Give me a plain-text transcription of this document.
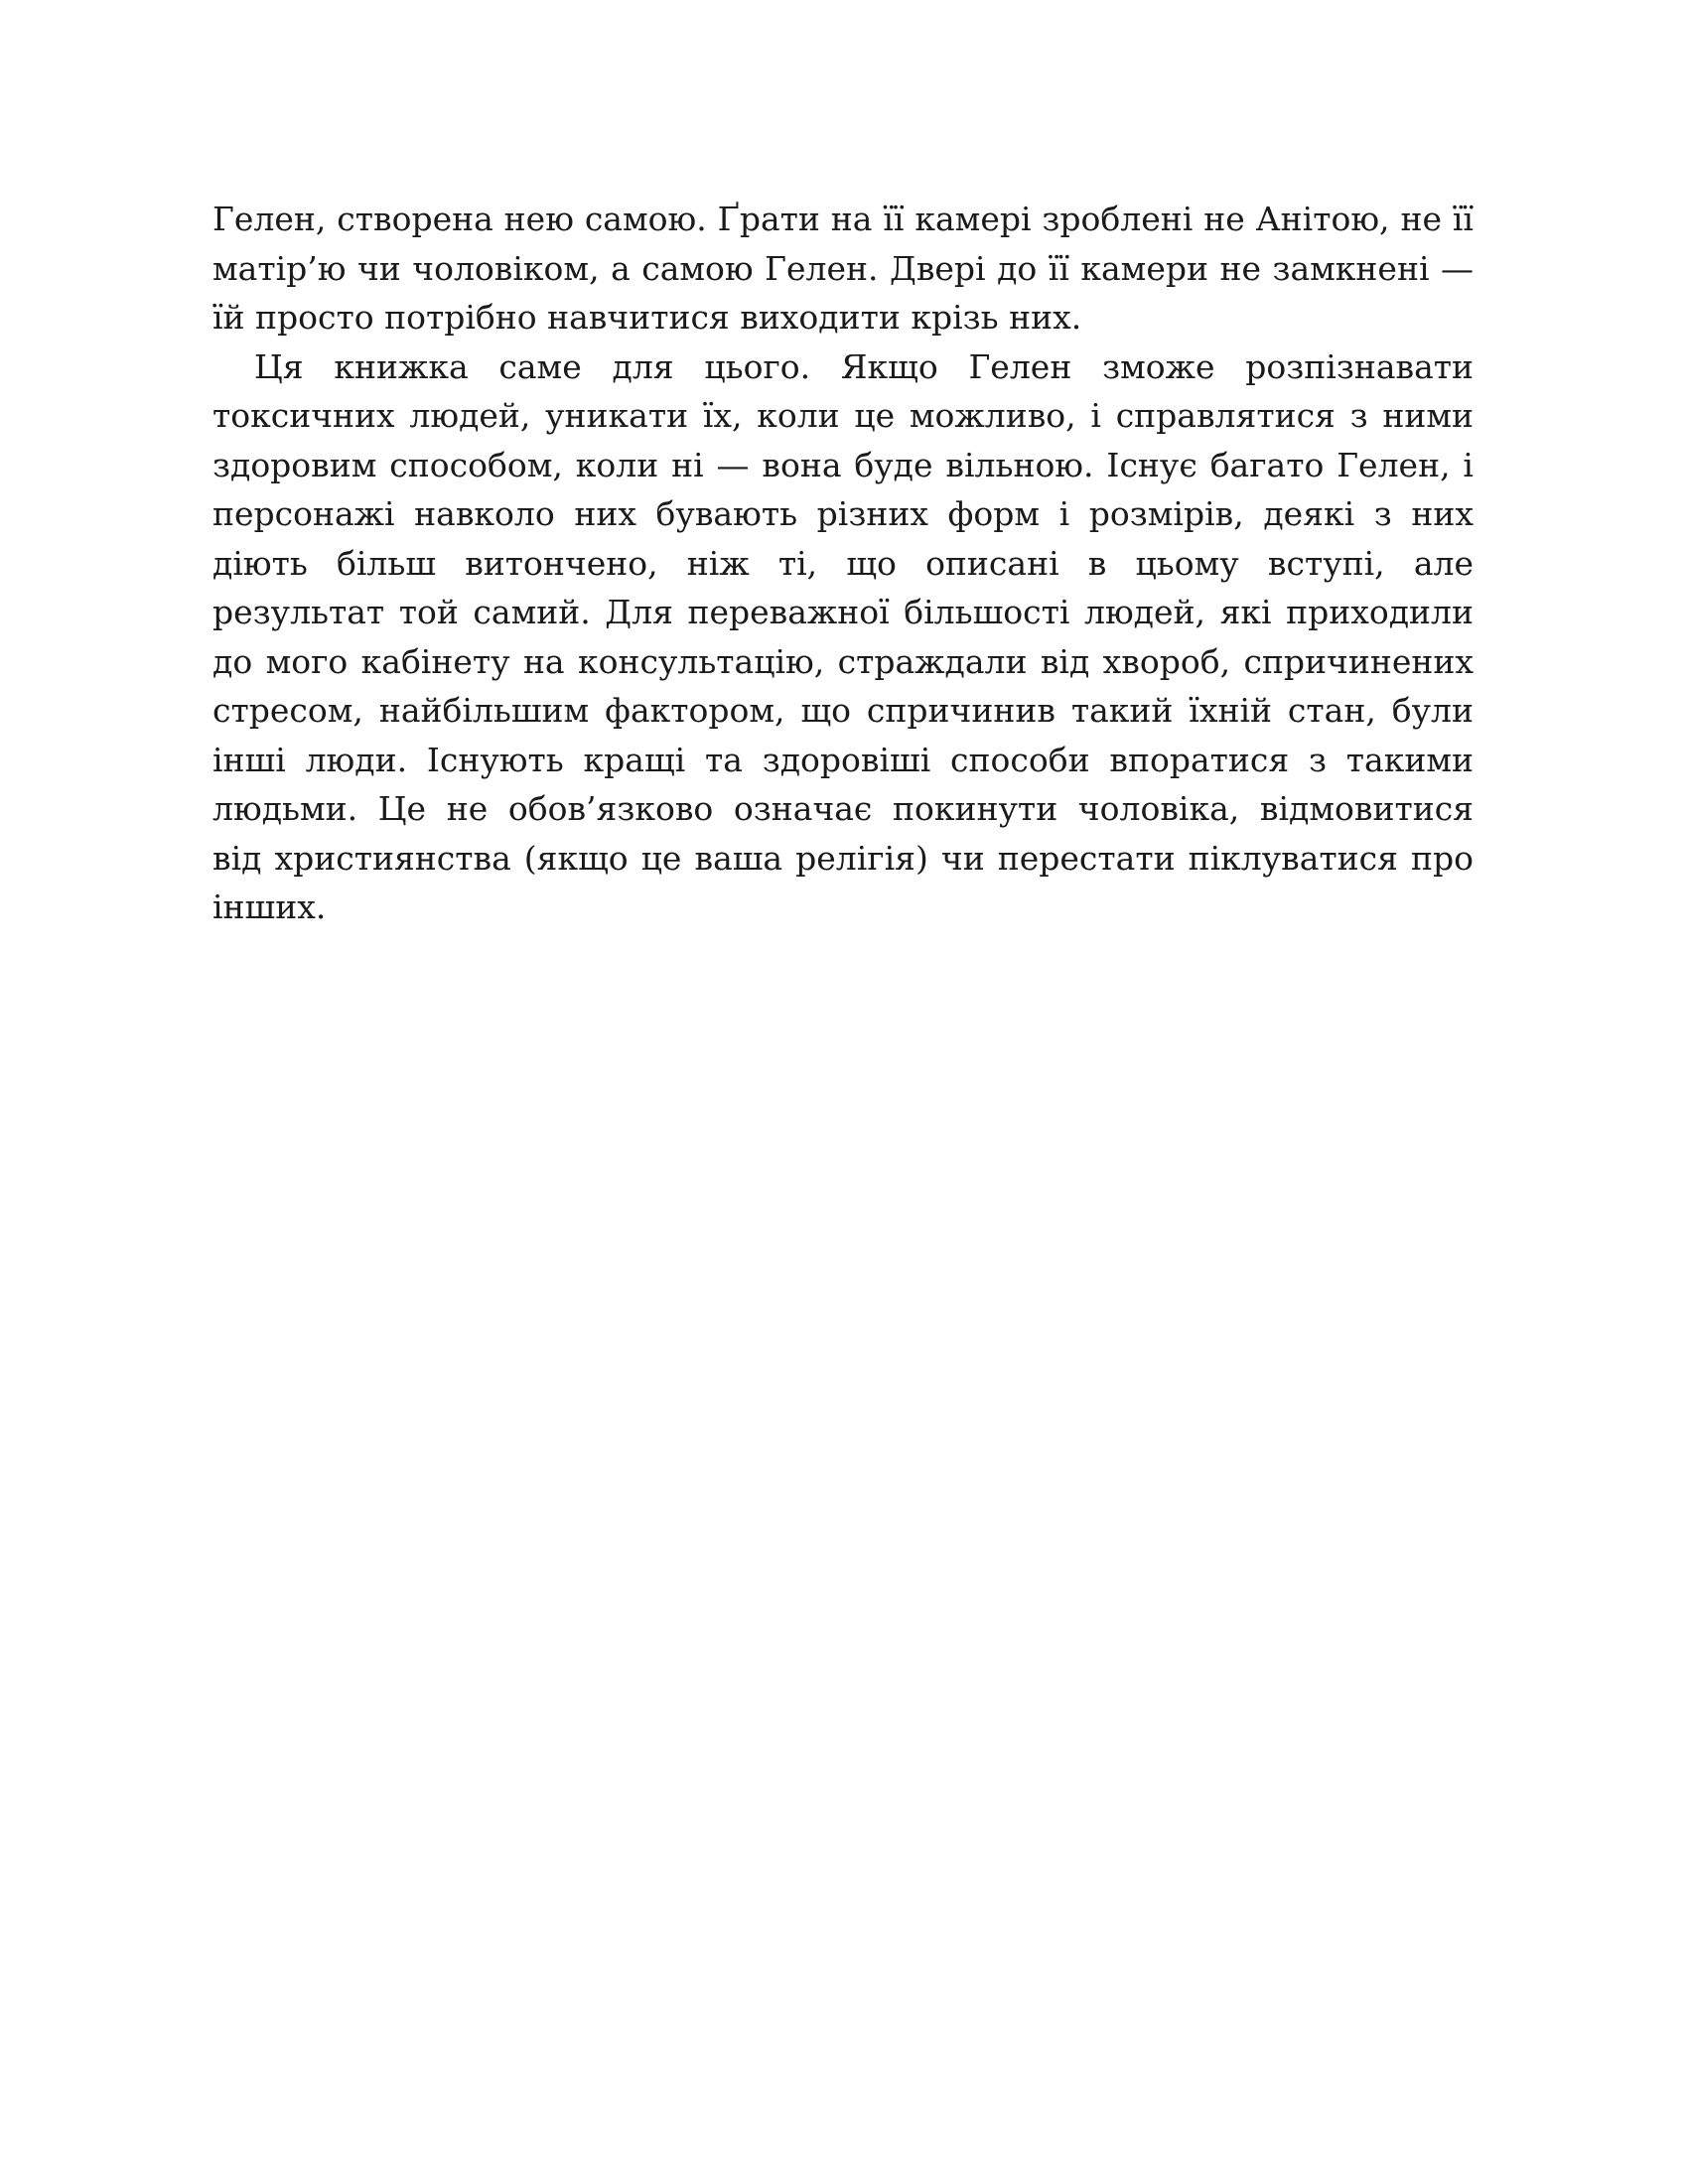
Гелен, створена нею самою. Ґрати на її камері зроблені не Анітою, не її
матір’ю чи чоловіком, а самою Гелен. Двері до її камери не замкнені —
їй просто потрібно навчитися виходити крізь них.
Ця книжка саме для цього. Якщо Гелен зможе розпізнавати
токсичних людей, уникати їх, коли це можливо, і справлятися з ними
здоровим способом, коли ні — вона буде вільною. Існує багато Гелен, і
персонажі навколо них бувають різних форм і розмірів, деякі з них
діють більш витончено, ніж ті, що описані в цьому вступі, але
результат той самий. Для переважної більшості людей, які приходили
до мого кабінету на консультацію, страждали від хвороб, спричинених
стресом, найбільшим фактором, що спричинив такий їхній стан, були
інші люди. Існують кращі та здоровіші способи впоратися з такими
людьми. Це не обов’язково означає покинути чоловіка, відмовитися
від християнства (якщо це ваша релігія) чи перестати піклуватися про
інших.
